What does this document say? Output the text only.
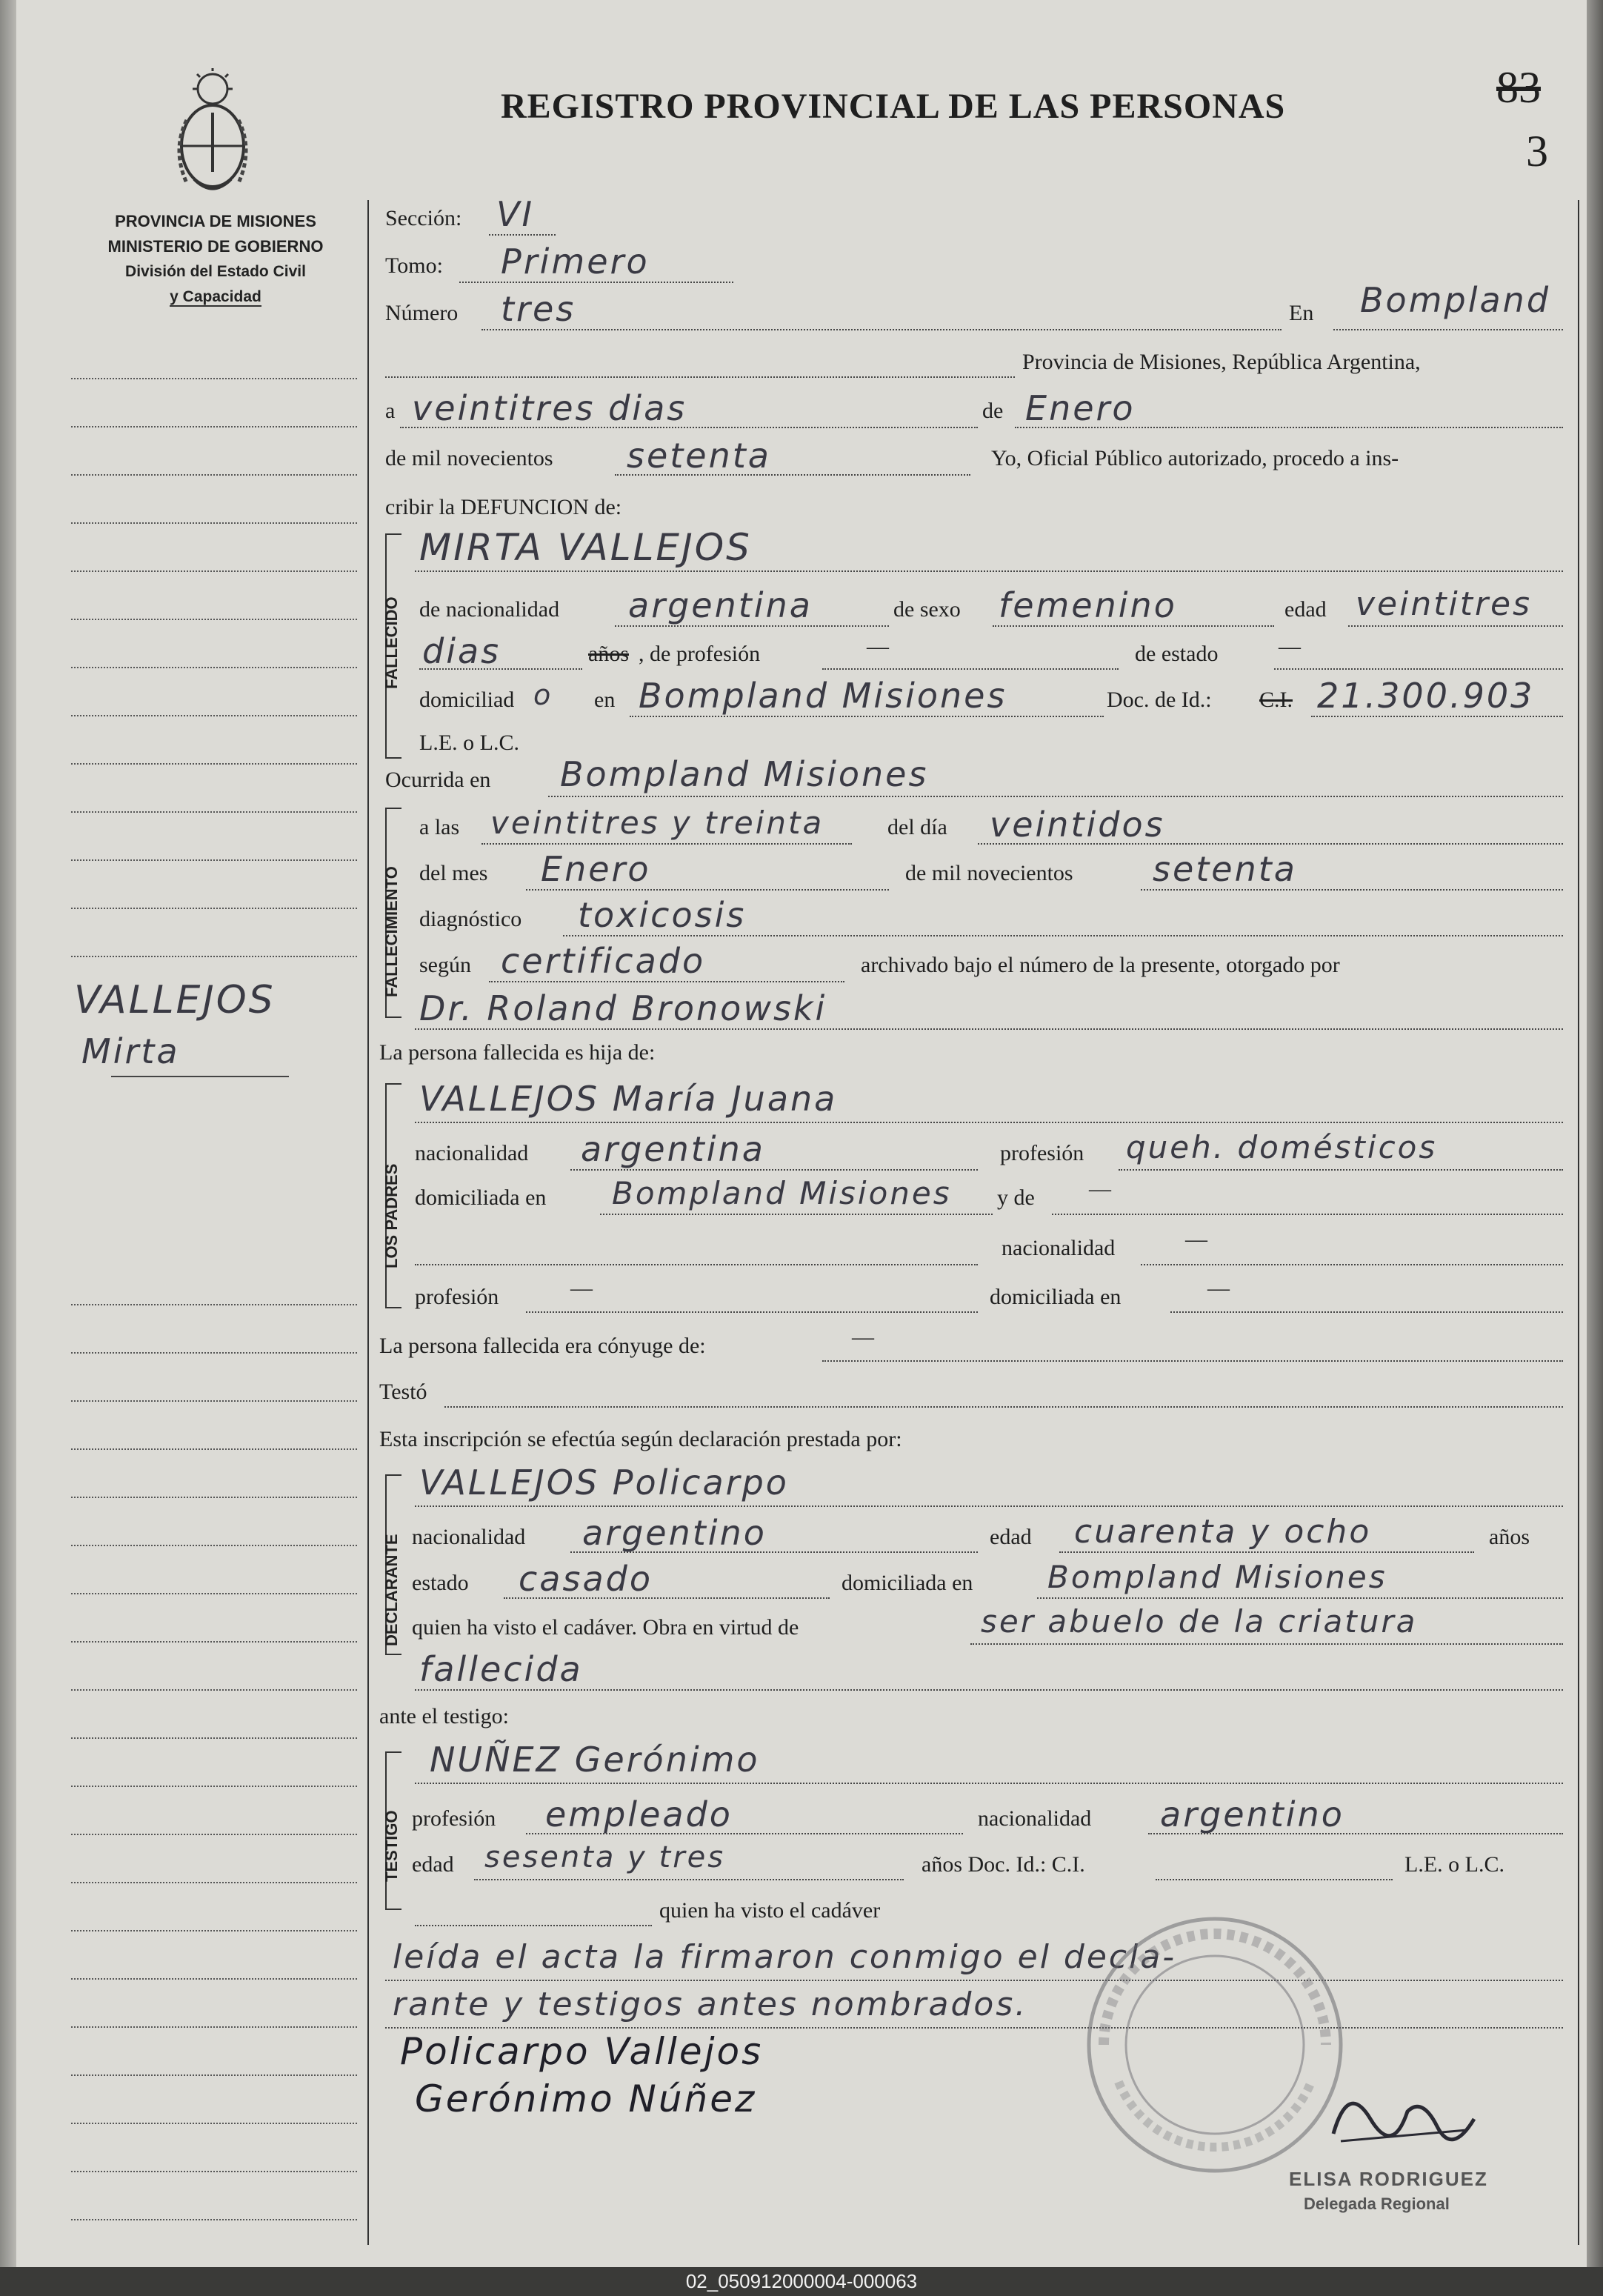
REGISTRO PROVINCIAL DE LAS PERSONAS	83
3
PROVINCIA DE MISIONES
MINISTERIO DE GOBIERNO
División del Estado Civil
y Capacidad
VALLEJOS
Mirta
Sección: VI
Tomo: Primero
Número tres	En Bompland
Provincia de Misiones, República Argentina,
a veintitres dias	de Enero
de mil novecientos setenta	Yo, Oficial Público autorizado, procedo a ins-
cribir la DEFUNCION de:
FALLECIDO
MIRTA VALLEJOS
de nacionalidad argentina	de sexo femenino	edad veintitres
dias	años , de profesión	—	de estado	—
domiciliad o en Bompland Misiones	Doc. de Id.: C.I. 21.300.903
L.E. o L.C.
Ocurrida en Bompland Misiones
FALLECIMIENTO
a las veintitres y treinta	del día veintidos
del mes Enero	de mil novecientos setenta
diagnóstico toxicosis
según certificado	archivado bajo el número de la presente, otorgado por
Dr. Roland Bronowski
La persona fallecida es hija de:
LOS PADRES
VALLEJOS María Juana
nacionalidad argentina	profesión queh. domésticos
domiciliada en Bompland Misiones y de —
nacionalidad	—
profesión	—	domiciliada en	—
La persona fallecida era cónyuge de:	—
Testó
Esta inscripción se efectúa según declaración prestada por:
DECLARANTE
VALLEJOS Policarpo
nacionalidad argentino	edad cuarenta y ocho	años
estado casado	domiciliada en Bompland Misiones
quien ha visto el cadáver. Obra en virtud de	ser abuelo de la criatura
fallecida
ante el testigo:
TESTIGO
NUÑEZ Gerónimo
profesión empleado	nacionalidad argentino
edad sesenta y tres	años Doc. Id.: C.I.	L.E. o L.C.
quien ha visto el cadáver
leída el acta la firmaron conmigo el decla-
rante y testigos antes nombrados.
Policarpo Vallejos
Gerónimo Núñez
ELISA RODRIGUEZ
Delegada Regional
02_050912000004-000063
